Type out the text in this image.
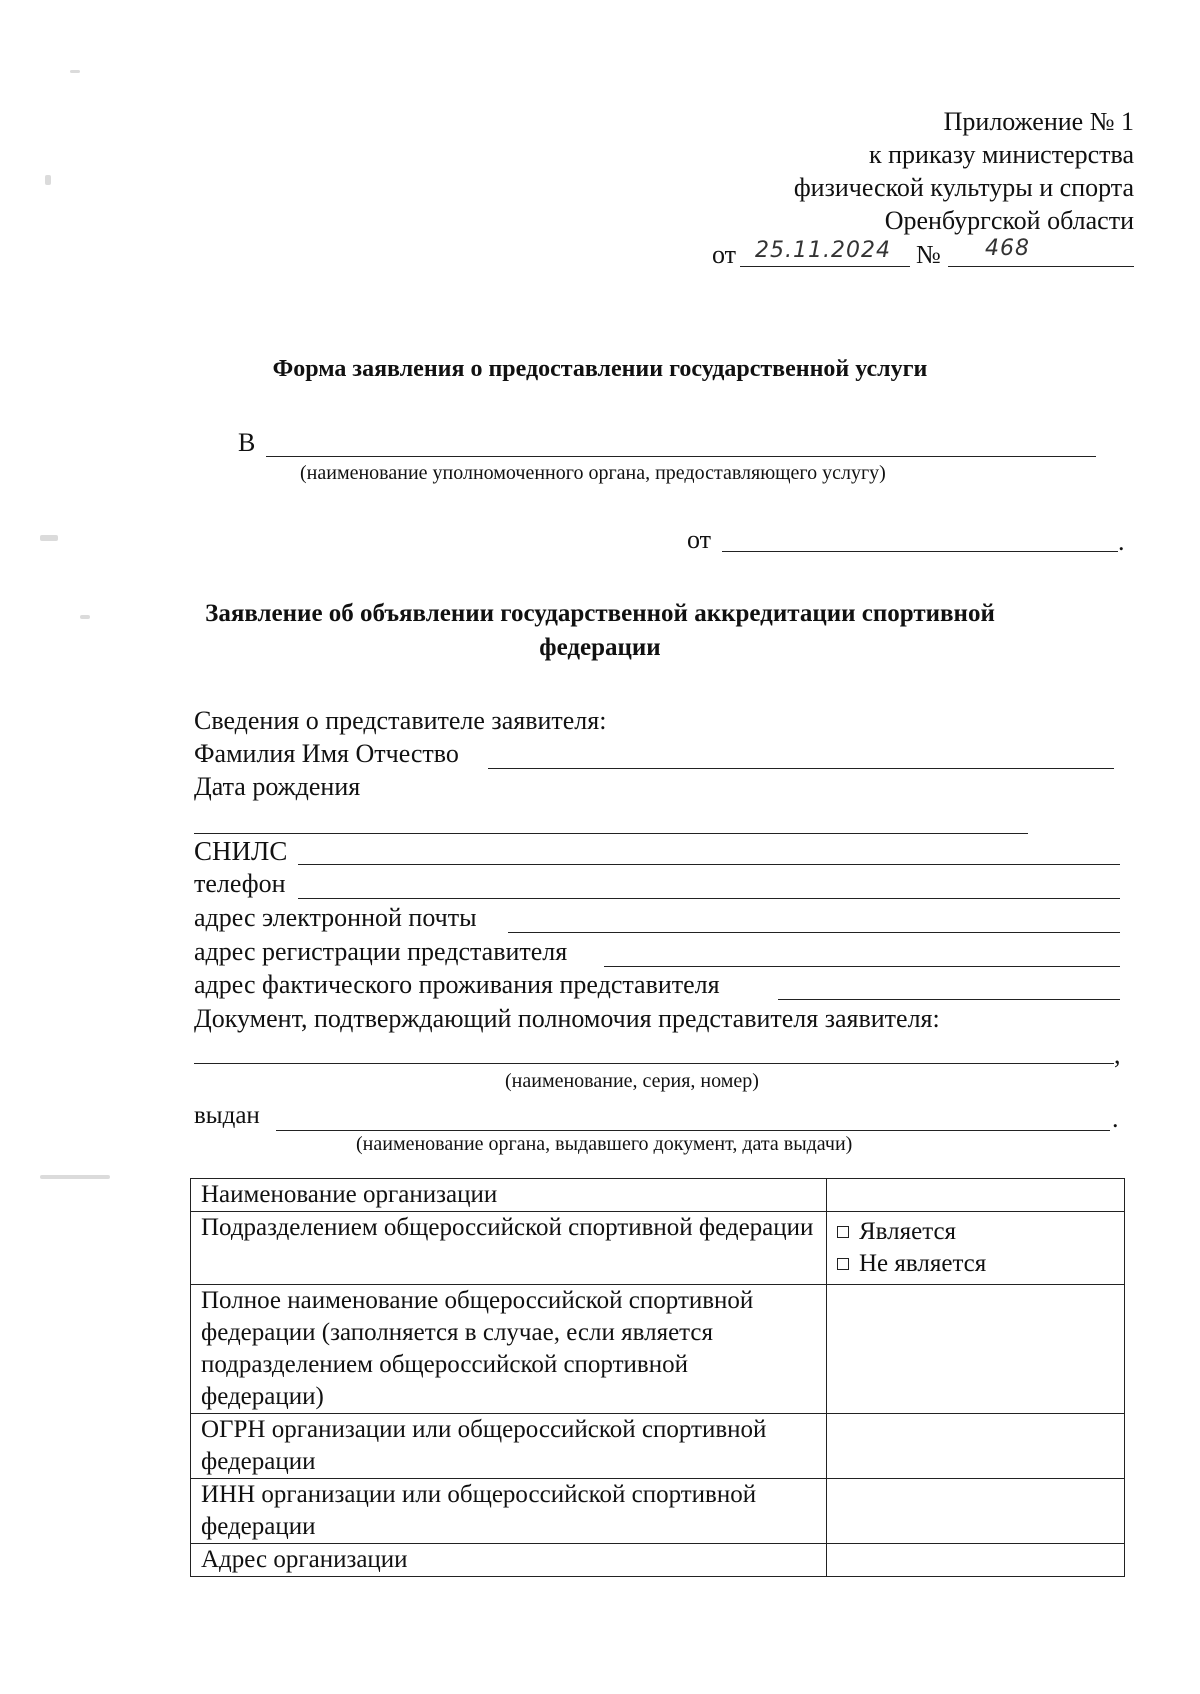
Приложение № 1
к приказу министерства
физической культуры и спорта
Оренбургской области
от 25.11.2024 № 468
Форма заявления о предоставлении государственной услуги
В
(наименование уполномоченного органа, предоставляющего услугу)
от	.
Заявление об объявлении государственной аккредитации спортивной
федерации
Сведения о представителе заявителя:
Фамилия Имя Отчество
Дата рождения
СНИЛС
телефон
адрес электронной почты
адрес регистрации представителя
адрес фактического проживания представителя
Документ, подтверждающий полномочия представителя заявителя:
,
(наименование, серия, номер)
выдан	.
(наименование органа, выдавшего документ, дата выдачи)
Наименование организации	
Подразделением общероссийской спортивной федерации	Является
Не является

Полное наименование общероссийской спортивной федерации (заполняется в случае, если является подразделением общероссийской спортивной федерации)	
ОГРН организации или общероссийской спортивной федерации	
ИНН организации или общероссийской спортивной федерации	
Адрес организации	
